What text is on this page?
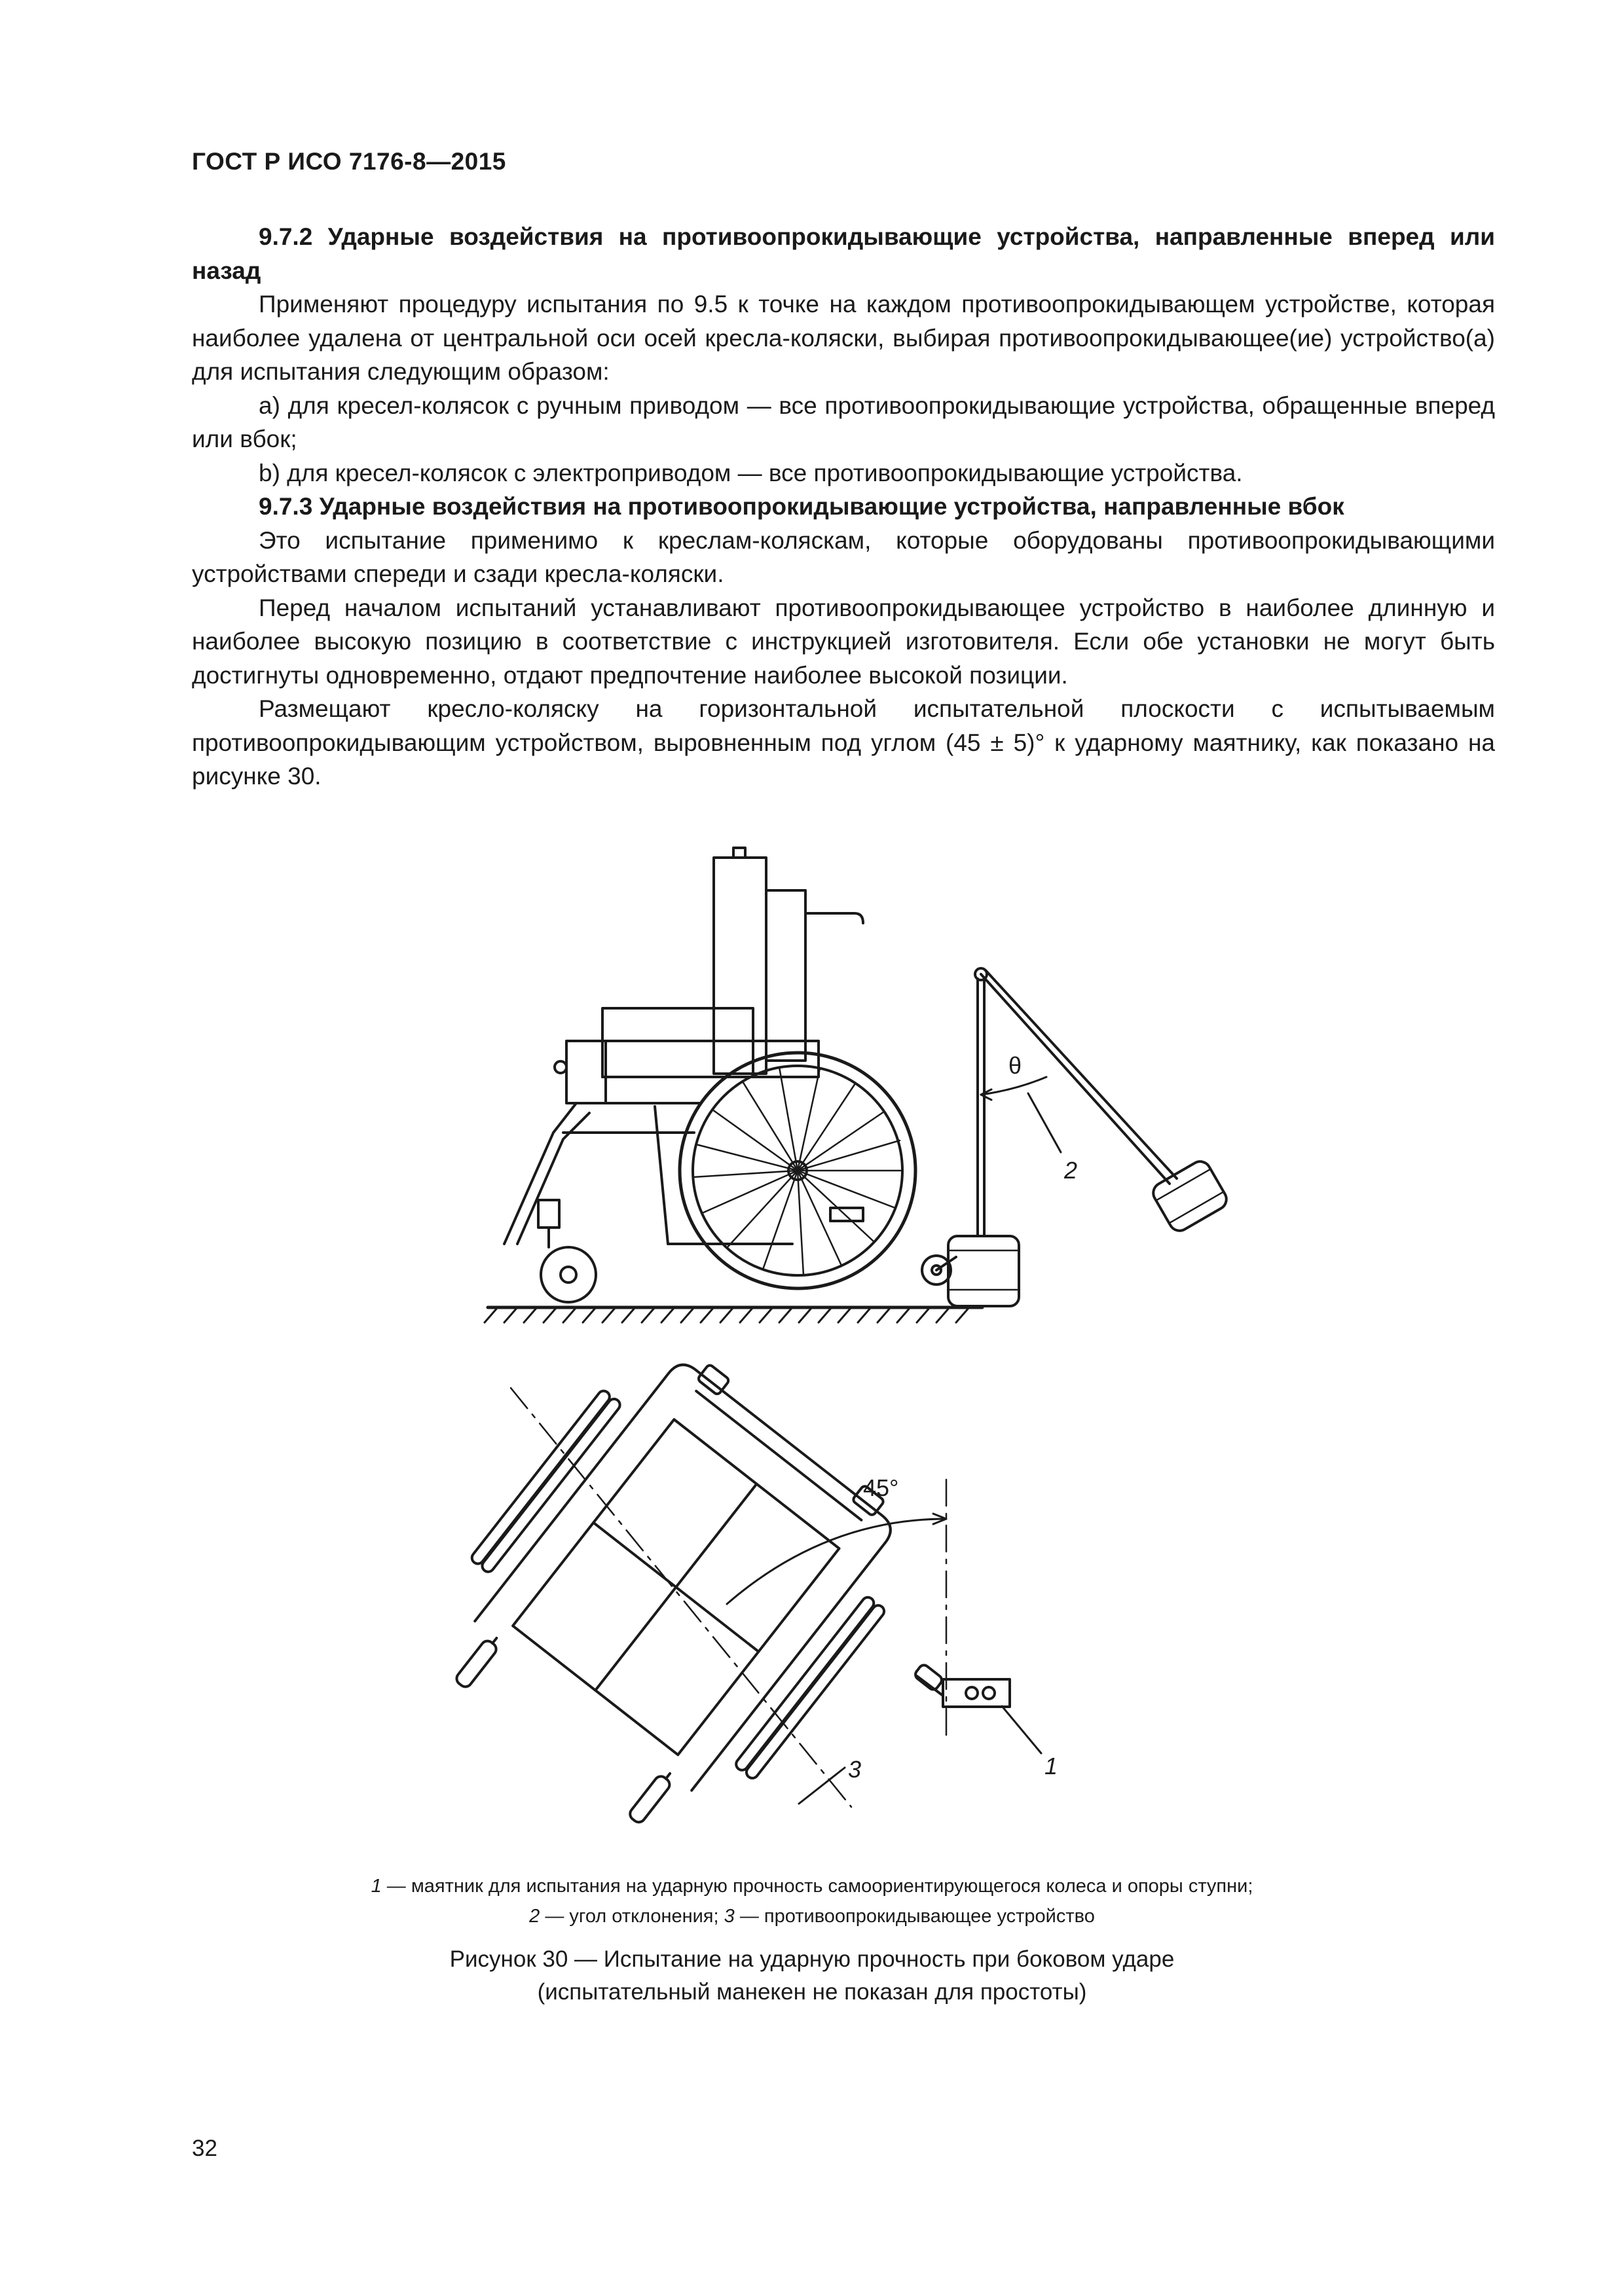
ГОСТ Р ИСО 7176-8—2015

9.7.2 Ударные воздействия на противоопрокидывающие устройства, направленные вперед или назад

Применяют процедуру испытания по 9.5 к точке на каждом противоопрокидывающем устройстве, которая наиболее удалена от центральной оси осей кресла-коляски, выбирая противоопрокидывающее(ие) устройство(а) для испытания следующим образом:

a) для кресел-колясок с ручным приводом — все противоопрокидывающие устройства, обращенные вперед или вбок;

b) для кресел-колясок с электроприводом — все противоопрокидывающие устройства.

9.7.3 Ударные воздействия на противоопрокидывающие устройства, направленные вбок

Это испытание применимо к креслам-коляскам, которые оборудованы противоопрокидывающими устройствами спереди и сзади кресла-коляски.

Перед началом испытаний устанавливают противоопрокидывающее устройство в наиболее длинную и наиболее высокую позицию в соответствие с инструкцией изготовителя. Если обе установки не могут быть достигнуты одновременно, отдают предпочтение наиболее высокой позиции.

Размещают кресло-коляску на горизонтальной испытательной плоскости с испытываемым противоопрокидывающим устройством, выровненным под углом (45 ± 5)° к ударному маятнику, как показано на рисунке 30.

θ
2
45°
1
3
1 — маятник для испытания на ударную прочность самоориентирующегося колеса и опоры ступни;
2 — угол отклонения; 3 — противоопрокидывающее устройство
Рисунок 30 — Испытание на ударную прочность при боковом ударе
(испытательный манекен не показан для простоты)
32
